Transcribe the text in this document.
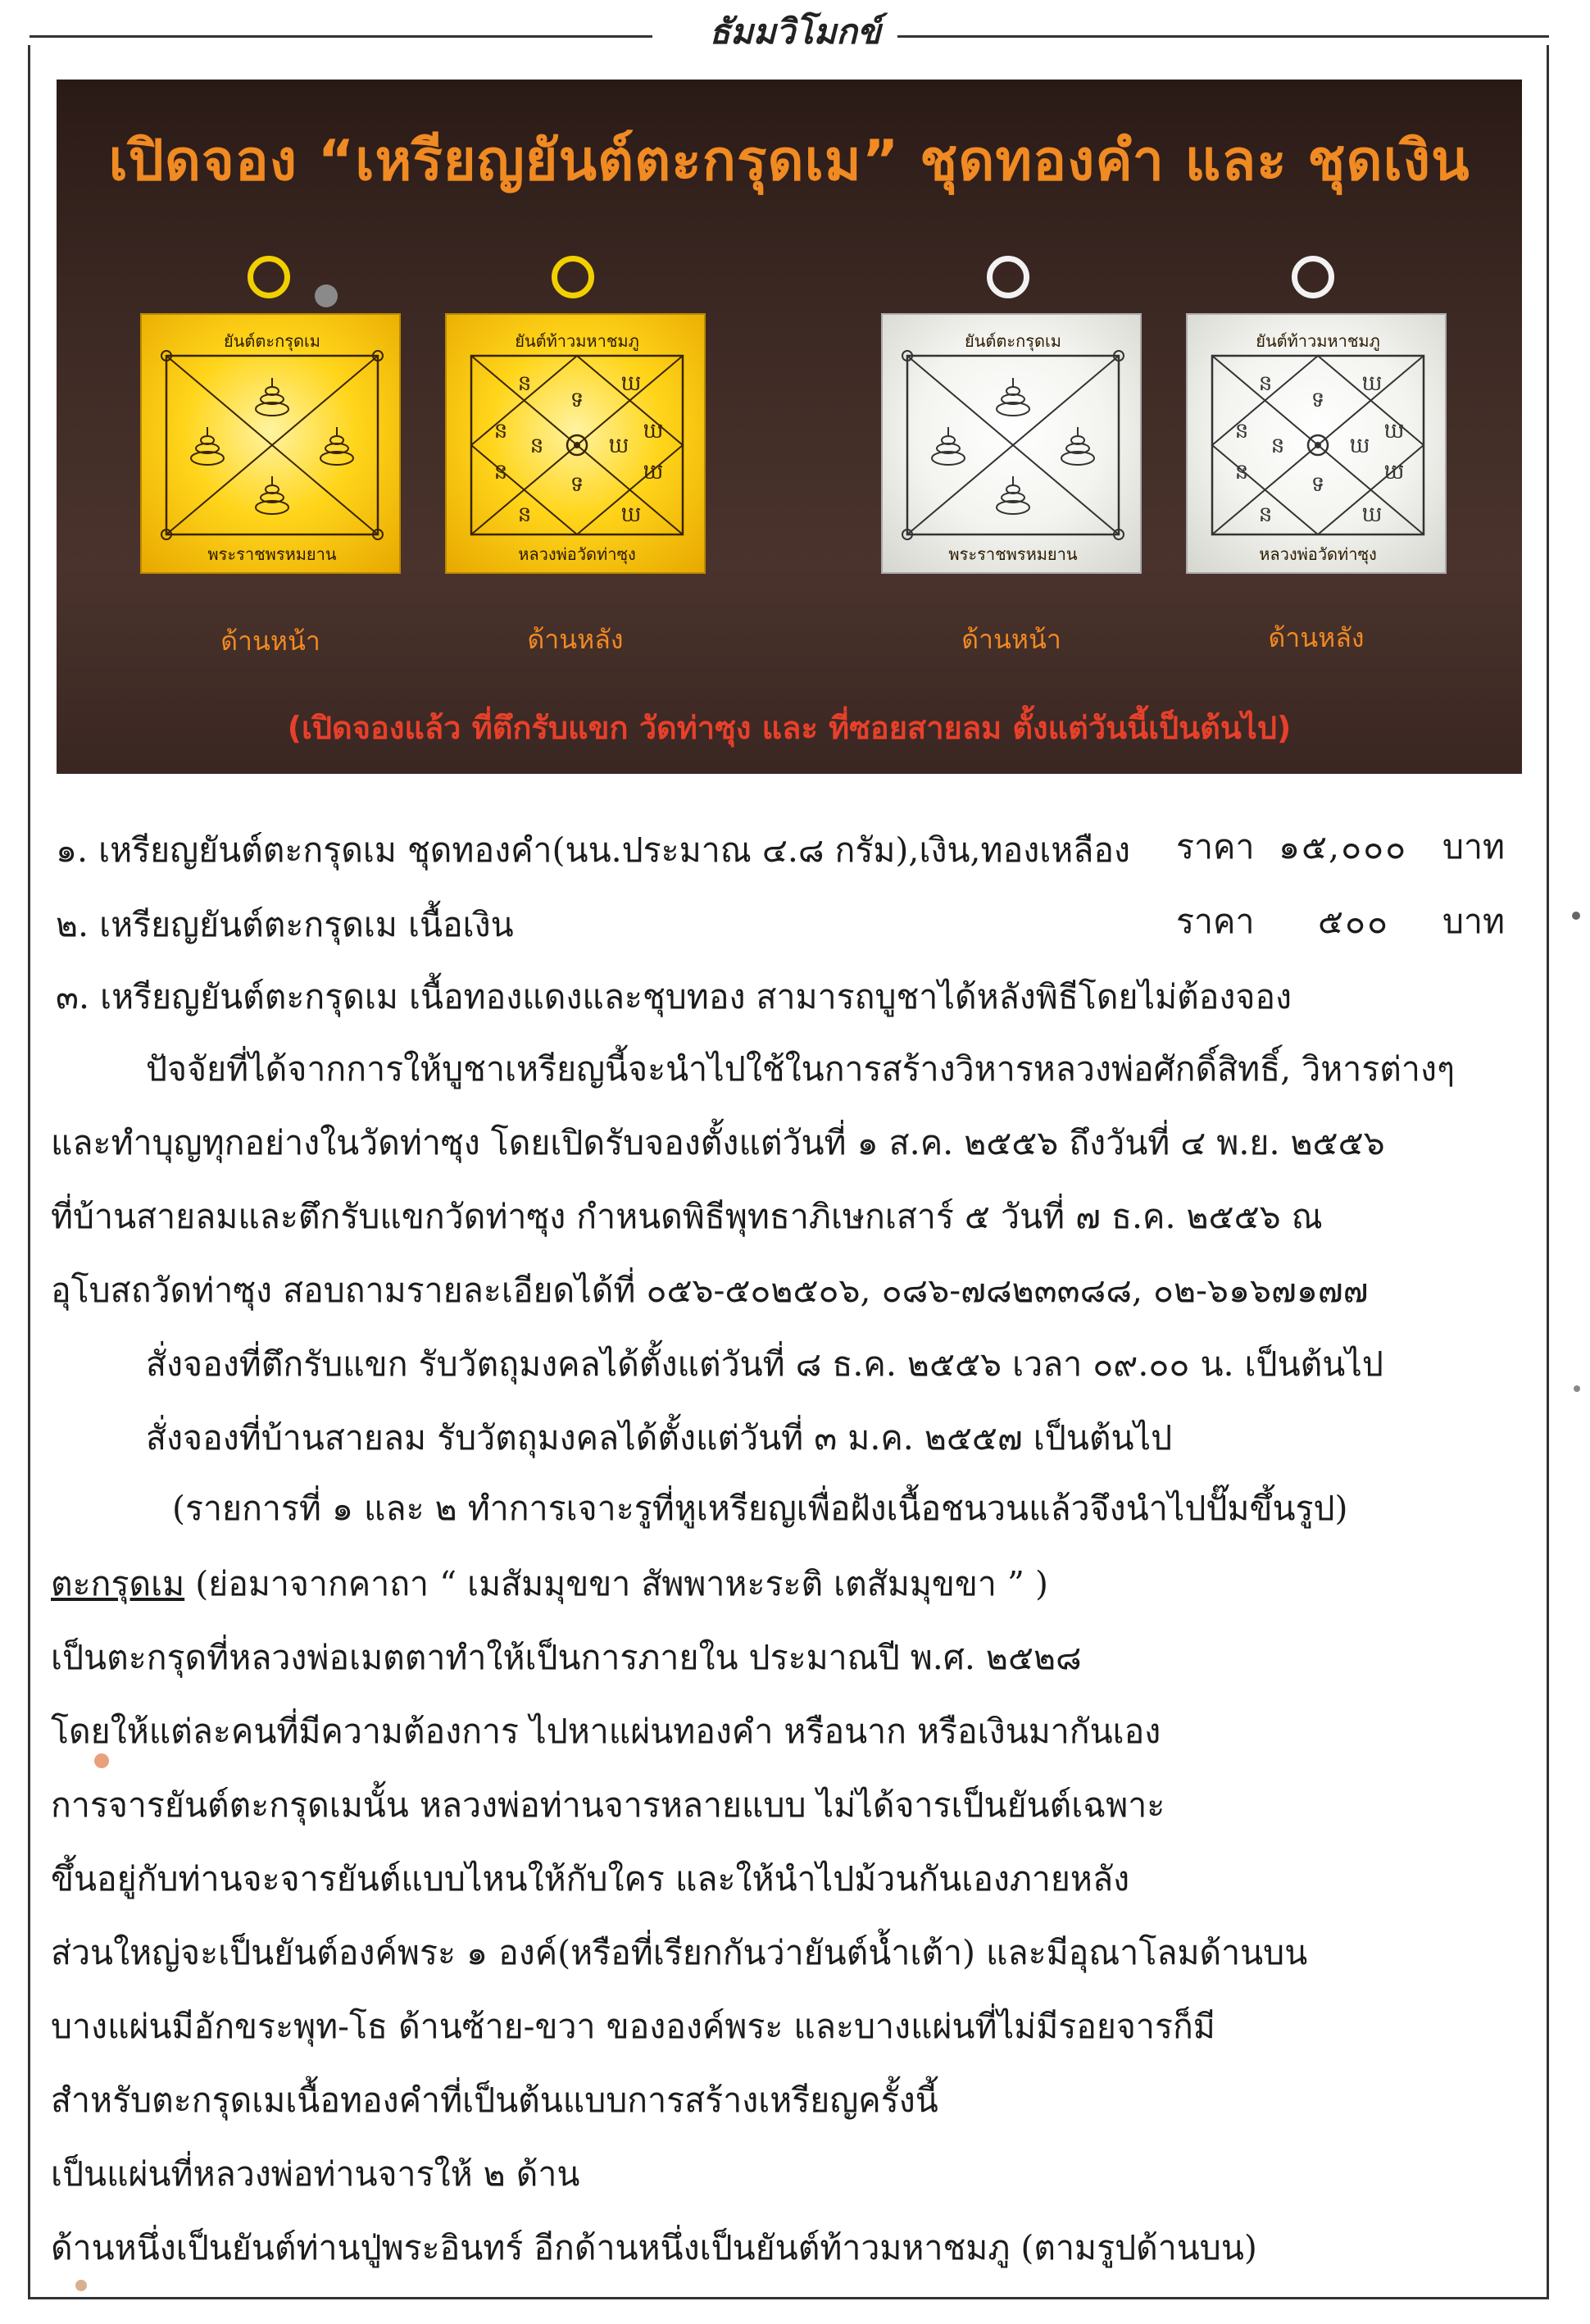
ธัมมวิโมกข์
เปิดจอง “เหรียญยันต์ตะกรุดเม” ชุดทองคำ และ ชุดเงิน
ยันต์ตะกรุดเม
พระราชพรหมยาน
ន	ឃ
ទ
ន	ឃ
ន	ឃ
ទ
ន	ឃ
ន	ឃ
ยันต์ท้าวมหาชมภู
หลวงพ่อวัดท่าซุง
ยันต์ตะกรุดเม
พระราชพรหมยาน
ន	ឃ
ទ
ន	ឃ
ន	ឃ
ទ
ន	ឃ
ន	ឃ
ยันต์ท้าวมหาชมภู
หลวงพ่อวัดท่าซุง
ด้านหน้า	ด้านหลัง	ด้านหน้า	ด้านหลัง
(เปิดจองแล้ว ที่ตึกรับแขก วัดท่าซุง และ ที่ซอยสายลม ตั้งแต่วันนี้เป็นต้นไป)
๑. เหรียญยันต์ตะกรุดเม ชุดทองคำ(นน.ประมาณ ๔.๘ กรัม),เงิน,ทองเหลือง ราคา ๑๕,๐๐๐ บาท
๒. เหรียญยันต์ตะกรุดเม เนื้อเงิน	ราคา ๕๐๐ บาท
๓. เหรียญยันต์ตะกรุดเม เนื้อทองแดงและชุบทอง สามารถบูชาได้หลังพิธีโดยไม่ต้องจอง
ปัจจัยที่ได้จากการให้บูชาเหรียญนี้จะนำไปใช้ในการสร้างวิหารหลวงพ่อศักดิ์สิทธิ์, วิหารต่างๆ
และทำบุญทุกอย่างในวัดท่าซุง โดยเปิดรับจองตั้งแต่วันที่ ๑ ส.ค. ๒๕๕๖ ถึงวันที่ ๔ พ.ย. ๒๕๕๖
ที่บ้านสายลมและตึกรับแขกวัดท่าซุง กำหนดพิธีพุทธาภิเษกเสาร์ ๕ วันที่ ๗ ธ.ค. ๒๕๕๖ ณ
อุโบสถวัดท่าซุง สอบถามรายละเอียดได้ที่ ๐๕๖-๕๐๒๕๐๖, ๐๘๖-๗๘๒๓๓๘๘, ๐๒-๖๑๖๗๑๗๗
สั่งจองที่ตึกรับแขก รับวัตถุมงคลได้ตั้งแต่วันที่ ๘ ธ.ค. ๒๕๕๖ เวลา ๐๙.๐๐ น. เป็นต้นไป
สั่งจองที่บ้านสายลม รับวัตถุมงคลได้ตั้งแต่วันที่ ๓ ม.ค. ๒๕๕๗ เป็นต้นไป
(รายการที่ ๑ และ ๒ ทำการเจาะรูที่หูเหรียญเพื่อฝังเนื้อชนวนแล้วจึงนำไปปั๊มขึ้นรูป)
ตะกรุดเม (ย่อมาจากคาถา “ เมสัมมุขขา สัพพาหะระติ เตสัมมุขขา ” )
เป็นตะกรุดที่หลวงพ่อเมตตาทำให้เป็นการภายใน ประมาณปี พ.ศ. ๒๕๒๘
โดยให้แต่ละคนที่มีความต้องการ ไปหาแผ่นทองคำ หรือนาก หรือเงินมากันเอง
การจารยันต์ตะกรุดเมนั้น หลวงพ่อท่านจารหลายแบบ ไม่ได้จารเป็นยันต์เฉพาะ
ขึ้นอยู่กับท่านจะจารยันต์แบบไหนให้กับใคร และให้นำไปม้วนกันเองภายหลัง
ส่วนใหญ่จะเป็นยันต์องค์พระ ๑ องค์(หรือที่เรียกกันว่ายันต์น้ำเต้า) และมีอุณาโลมด้านบน
บางแผ่นมีอักขระพุท-โธ ด้านซ้าย-ขวา ขององค์พระ และบางแผ่นที่ไม่มีรอยจารก็มี
สำหรับตะกรุดเมเนื้อทองคำที่เป็นต้นแบบการสร้างเหรียญครั้งนี้
เป็นแผ่นที่หลวงพ่อท่านจารให้ ๒ ด้าน
ด้านหนึ่งเป็นยันต์ท่านปู่พระอินทร์ อีกด้านหนึ่งเป็นยันต์ท้าวมหาชมภู (ตามรูปด้านบน)
